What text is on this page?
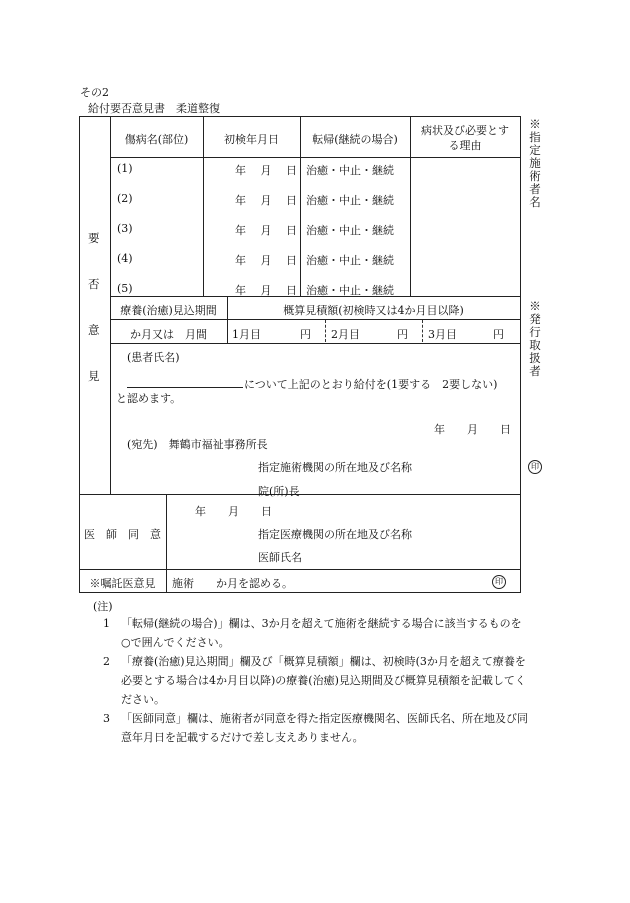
その2
給付要否意見書　柔道整復
要
否
意
見
傷病名(部位)	初検年月日	転帰(継続の場合)
病状及び必要とす
る理由
(1)	年　 月　 日 治癒・中止・継続
(2)	年　 月　 日 治癒・中止・継続
(3)	年　 月　 日 治癒・中止・継続
(4)	年　 月　 日 治癒・中止・継続
(5)	年　 月　 日 治癒・中止・継続
療養(治癒)見込期間	概算見積額(初検時又は4か月目以降)
か月又は　月間	1月目	円 2月目	円 3月目	円
(患者氏名)
について上記のとおり給付を(1要する　2要しない)
と認めます。
年　　月　　日
(宛先)　舞鶴市福祉事務所長
指定施術機関の所在地及び名称
院(所)長
医　師　同　意
年　　月　　日
指定医療機関の所在地及び名称
医師氏名
※嘱託医意見	施術　　か月を認める。	印
※指定施術者名
※発行取扱者
印
(注)
1 「転帰(継続の場合)」欄は、3か月を超えて施術を継続する場合に該当するものを
○で囲んでください。
2 「療養(治癒)見込期間」欄及び「概算見積額」欄は、初検時(3か月を超えて療養を
必要とする場合は4か月目以降)の療養(治癒)見込期間及び概算見積額を記載してく
ださい。
3 「医師同意」欄は、施術者が同意を得た指定医療機関名、医師氏名、所在地及び同
意年月日を記載するだけで差し支えありません。
